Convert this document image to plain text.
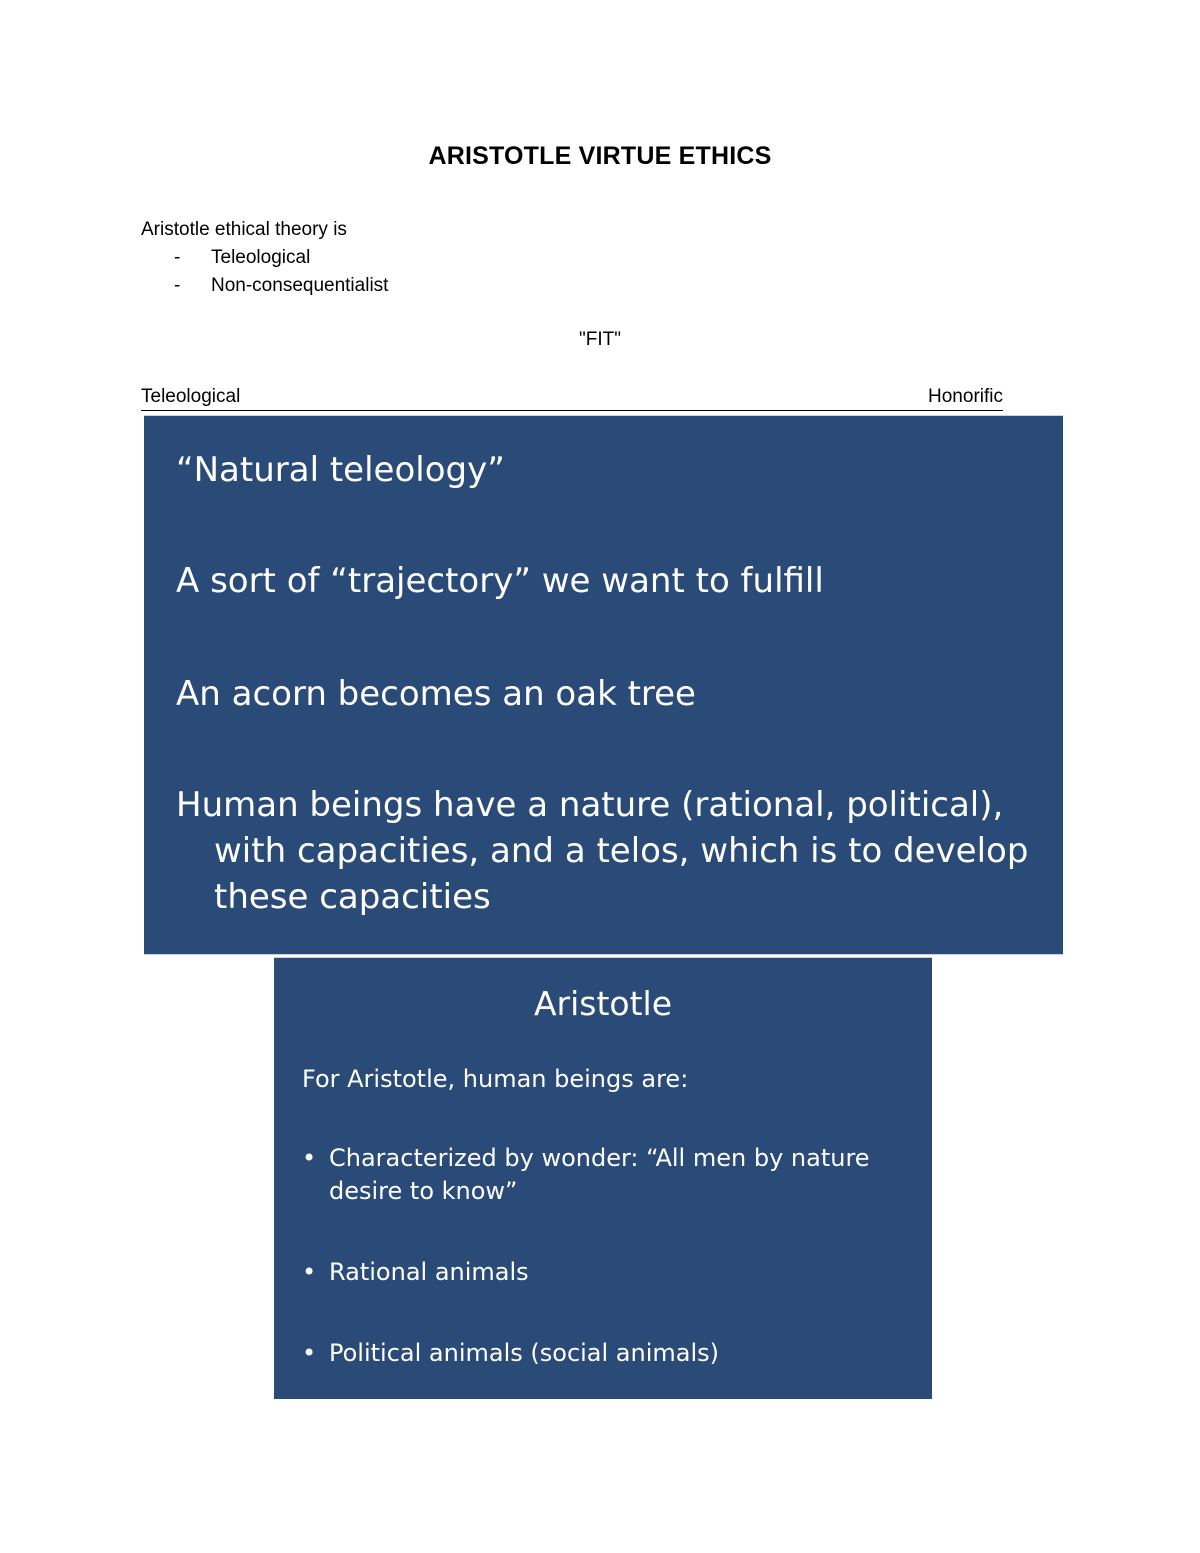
ARISTOTLE VIRTUE ETHICS
Aristotle ethical theory is
- Teleological
- Non-consequentialist
"FIT"
Teleological	Honorific
“Natural teleology”
A sort of “trajectory” we want to fulfill
An acorn becomes an oak tree
Human beings have a nature (rational, political),
with capacities, and a telos, which is to develop these capacities
Aristotle
For Aristotle, human beings are:
• Characterized by wonder: “All men by nature desire to know”
• Rational animals
• Political animals (social animals)
